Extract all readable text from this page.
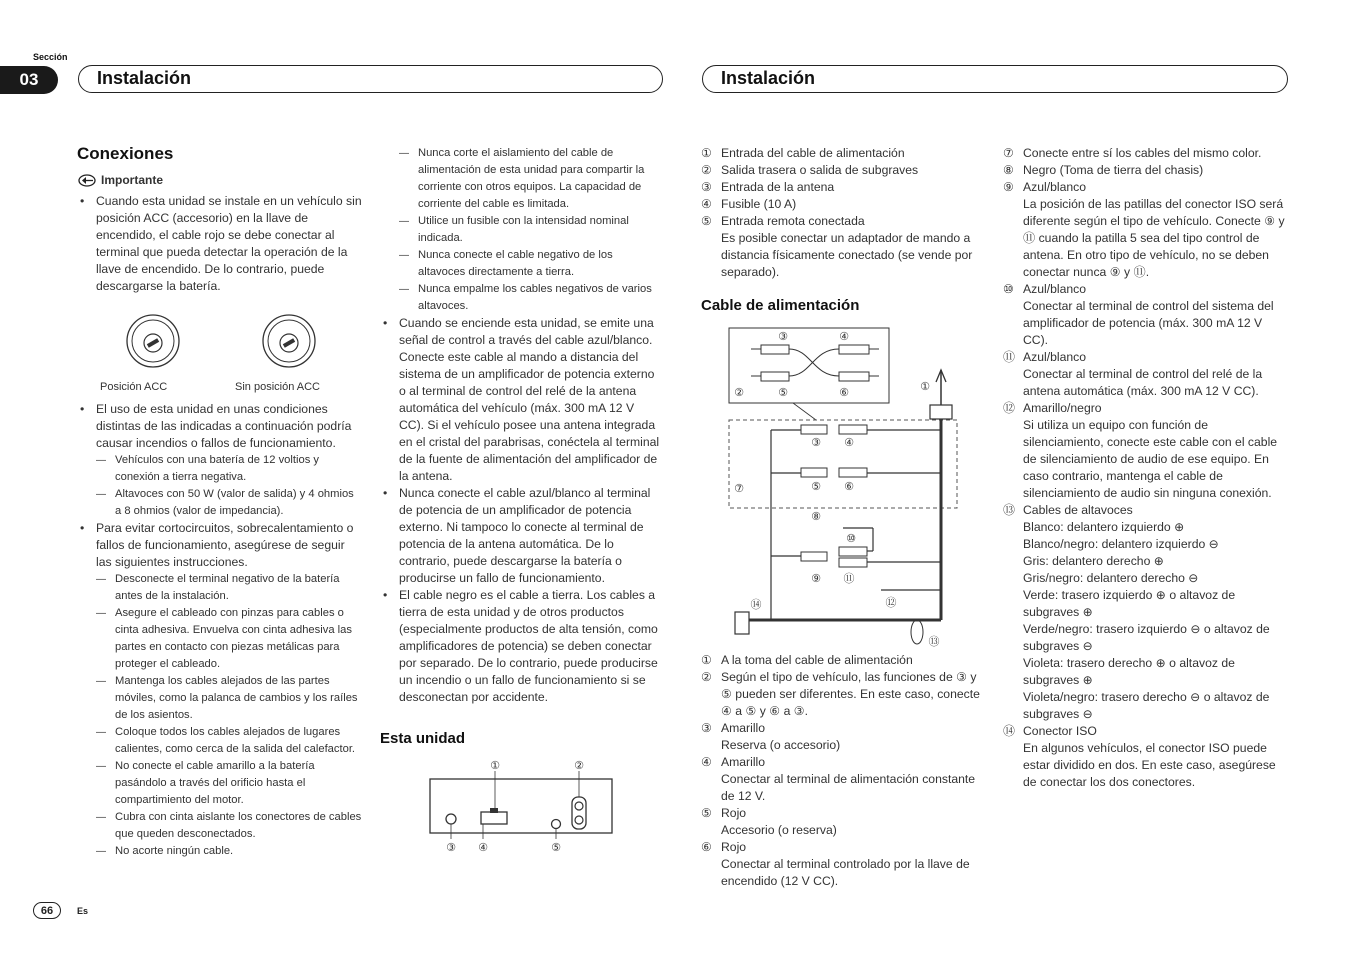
Sección
03	Instalación	Instalación
Conexiones
Importante
• Cuando esta unidad se instale en un vehículo sin posición ACC (accesorio) en la llave de encendido, el cable rojo se debe conectar al terminal que pueda detectar la operación de la llave de encendido. De lo contrario, puede descargarse la batería.
Posición ACC	Sin posición ACC
• El uso de esta unidad en unas condiciones distintas de las indicadas a continuación podría causar incendios o fallos de funcionamiento.
— Vehículos con una batería de 12 voltios y conexión a tierra negativa.
— Altavoces con 50 W (valor de salida) y 4 ohmios a 8 ohmios (valor de impedancia).
• Para evitar cortocircuitos, sobrecalentamiento o fallos de funcionamiento, asegúrese de seguir las siguientes instrucciones.
— Desconecte el terminal negativo de la batería antes de la instalación.
— Asegure el cableado con pinzas para cables o cinta adhesiva. Envuelva con cinta adhesiva las partes en contacto con piezas metálicas para proteger el cableado.
— Mantenga los cables alejados de las partes móviles, como la palanca de cambios y los raíles de los asientos.
— Coloque todos los cables alejados de lugares calientes, como cerca de la salida del calefactor.
— No conecte el cable amarillo a la batería pasándolo a través del orificio hasta el compartimiento del motor.
— Cubra con cinta aislante los conectores de cables que queden desconectados.
— No acorte ningún cable.
— Nunca corte el aislamiento del cable de alimentación de esta unidad para compartir la corriente con otros equipos. La capacidad de corriente del cable es limitada.
— Utilice un fusible con la intensidad nominal indicada.
— Nunca conecte el cable negativo de los altavoces directamente a tierra.
— Nunca empalme los cables negativos de varios altavoces.
• Cuando se enciende esta unidad, se emite una señal de control a través del cable azul/blanco. Conecte este cable al mando a distancia del sistema de un amplificador de potencia externo o al terminal de control del relé de la antena automática del vehículo (máx. 300 mA 12 V CC). Si el vehículo posee una antena integrada en el cristal del parabrisas, conéctela al terminal de la fuente de alimentación del amplificador de la antena.
• Nunca conecte el cable azul/blanco al terminal de potencia de un amplificador de potencia externo. Ni tampoco lo conecte al terminal de potencia de la antena automática. De lo contrario, puede descargarse la batería o producirse un fallo de funcionamiento.
• El cable negro es el cable a tierra. Los cables a tierra de esta unidad y de otros productos (especialmente productos de alta tensión, como amplificadores de potencia) se deben conectar por separado. De lo contrario, puede producirse un incendio o un fallo de funcionamiento si se desconectan por accidente.
Esta unidad
①	②
③ ④	⑤
① Entrada del cable de alimentación
② Salida trasera o salida de subgraves
③ Entrada de la antena
④ Fusible (10 A)
⑤ Entrada remota conectada
Es posible conectar un adaptador de mando a distancia físicamente conectado (se vende por separado).
Cable de alimentación
③	④
②	⑤	⑥	①
⑭
③ ④
⑤ ⑥
⑦
⑧
⑩
⑨ ⑪
⑫
⑬
① A la toma del cable de alimentación
② Según el tipo de vehículo, las funciones de ③ y ⑤ pueden ser diferentes. En este caso, conecte ④ a ⑤ y ⑥ a ③.
③ Amarillo
Reserva (o accesorio)
④ Amarillo
Conectar al terminal de alimentación constante de 12 V.
⑤ Rojo
Accesorio (o reserva)
⑥ Rojo
Conectar al terminal controlado por la llave de encendido (12 V CC).
⑦ Conecte entre sí los cables del mismo color.
⑧ Negro (Toma de tierra del chasis)
⑨ Azul/blanco
La posición de las patillas del conector ISO será diferente según el tipo de vehículo. Conecte ⑨ y ⑪ cuando la patilla 5 sea del tipo control de antena. En otro tipo de vehículo, no se deben conectar nunca ⑨ y ⑪.
⑩ Azul/blanco
Conectar al terminal de control del sistema del amplificador de potencia (máx. 300 mA 12 V CC).
⑪ Azul/blanco
Conectar al terminal de control del relé de la antena automática (máx. 300 mA 12 V CC).
⑫ Amarillo/negro
Si utiliza un equipo con función de silenciamiento, conecte este cable con el cable de silenciamiento de audio de ese equipo. En caso contrario, mantenga el cable de silenciamiento de audio sin ninguna conexión.
⑬ Cables de altavoces
Blanco: delantero izquierdo ⊕
Blanco/negro: delantero izquierdo ⊖
Gris: delantero derecho ⊕
Gris/negro: delantero derecho ⊖
Verde: trasero izquierdo ⊕ o altavoz de subgraves ⊕
Verde/negro: trasero izquierdo ⊖ o altavoz de subgraves ⊖
Violeta: trasero derecho ⊕ o altavoz de subgraves ⊕
Violeta/negro: trasero derecho ⊖ o altavoz de subgraves ⊖
⑭ Conector ISO
En algunos vehículos, el conector ISO puede estar dividido en dos. En este caso, asegúrese de conectar los dos conectores.
66	Es
